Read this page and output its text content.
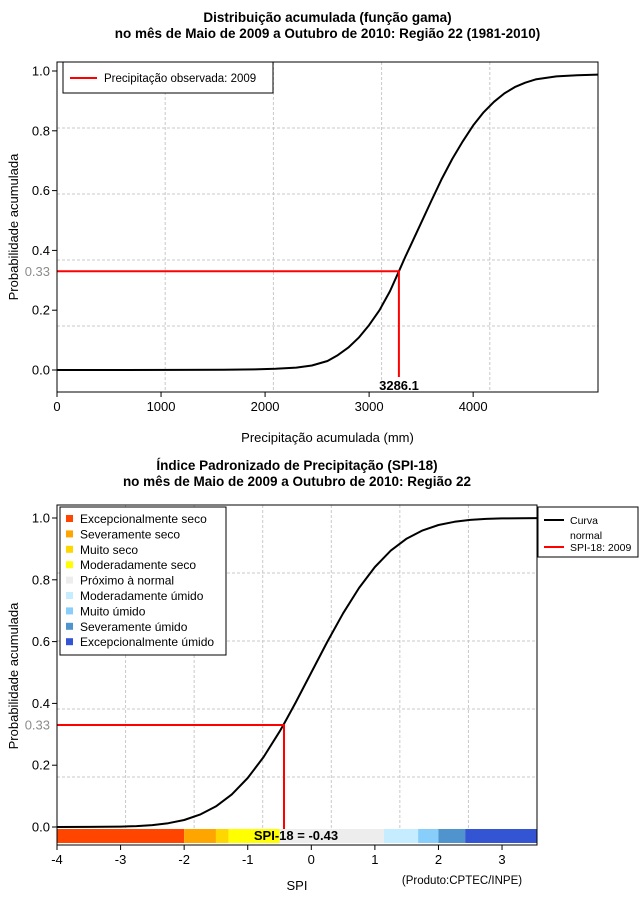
Distribuição acumulada (função gama)
no mês de Maio de 2009 a Outubro de 2010: Região 22 (1981-2010)
3286.1
0.33
0	1000	2000	3000	4000
0.0
0.2
0.4
0.6
0.8
1.0
Precipitação observada: 2009
Precipitação acumulada (mm)
Probabilidade acumulada
Índice Padronizado de Precipitação (SPI-18)
no mês de Maio de 2009 a Outubro de 2010: Região 22
SPI-18 = -0.43
0.33
-4	-3	-2	-1	0	1	2	3
0.0
0.2
0.4
0.6
0.8
1.0	Excepcionalmente seco
Severamente seco
Muito seco
Moderadamente seco
Próximo à normal
Moderadamente úmido
Muito úmido
Severamente úmido
Excepcionalmente úmido
Curva
normal
SPI-18: 2009
SPI
Probabilidade acumulada
(Produto:CPTEC/INPE)
